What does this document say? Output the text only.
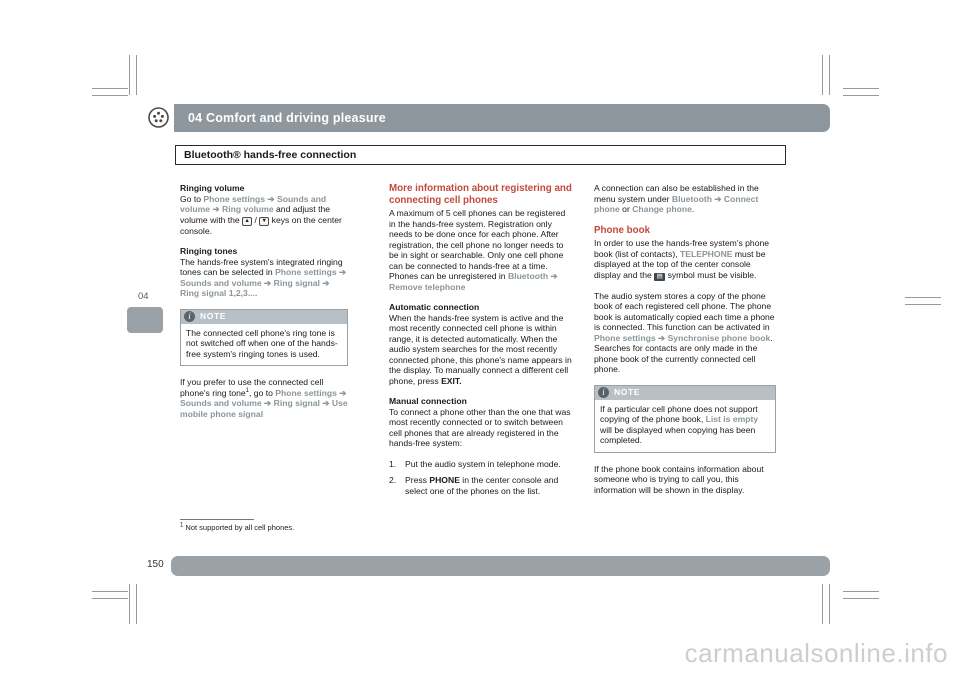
04 Comfort and driving pleasure
Bluetooth® hands-free connection
Ringing volume

Go to Phone settings ➔ Sounds and volume ➔ Ring volume and adjust the volume with the ▲ / ▼ keys on the center console.

Ringing tones

The hands-free system's integrated ringing tones can be selected in Phone settings ➔ Sounds and volume ➔ Ring signal ➔ Ring signal 1,2,3....

i	NOTE
The connected cell phone's ring tone is not switched off when one of the hands-free system's ringing tones is used.

If you prefer to use the connected cell phone's ring tone$^1$, go to Phone settings ➔ Sounds and volume ➔ Ring signal ➔ Use mobile phone signal

More information about registering and connecting cell phones

A maximum of 5 cell phones can be registered in the hands-free system. Registration only needs to be done once for each phone. After registration, the cell phone no longer needs to be in sight or searchable. Only one cell phone can be connected to hands-free at a time. Phones can be unregistered in Bluetooth ➔ Remove telephone

Automatic connection

When the hands-free system is active and the most recently connected cell phone is within range, it is detected automatically. When the audio system searches for the most recently connected phone, this phone's name appears in the display. To manually connect a different cell phone, press EXIT.

Manual connection

To connect a phone other than the one that was most recently connected or to switch between cell phones that are already registered in the hands-free system:

1.	Put the audio system in telephone mode.
2.	Press PHONE in the center console and select one of the phones on the list.

A connection can also be established in the menu system under Bluetooth ➔ Connect phone or Change phone.

Phone book

In order to use the hands-free system's phone book (list of contacts), TELEPHONE must be displayed at the top of the center console display and the ▤ symbol must be visible.

The audio system stores a copy of the phone book of each registered cell phone. The phone book is automatically copied each time a phone is connected. This function can be activated in Phone settings ➔ Synchronise phone book. Searches for contacts are only made in the phone book of the currently connected cell phone.

i	NOTE
If a particular cell phone does not support copying of the phone book, List is empty will be displayed when copying has been completed.

If the phone book contains information about someone who is trying to call you, this information will be shown in the display.

$^1$ Not supported by all cell phones.
04
150
carmanualsonline.info
